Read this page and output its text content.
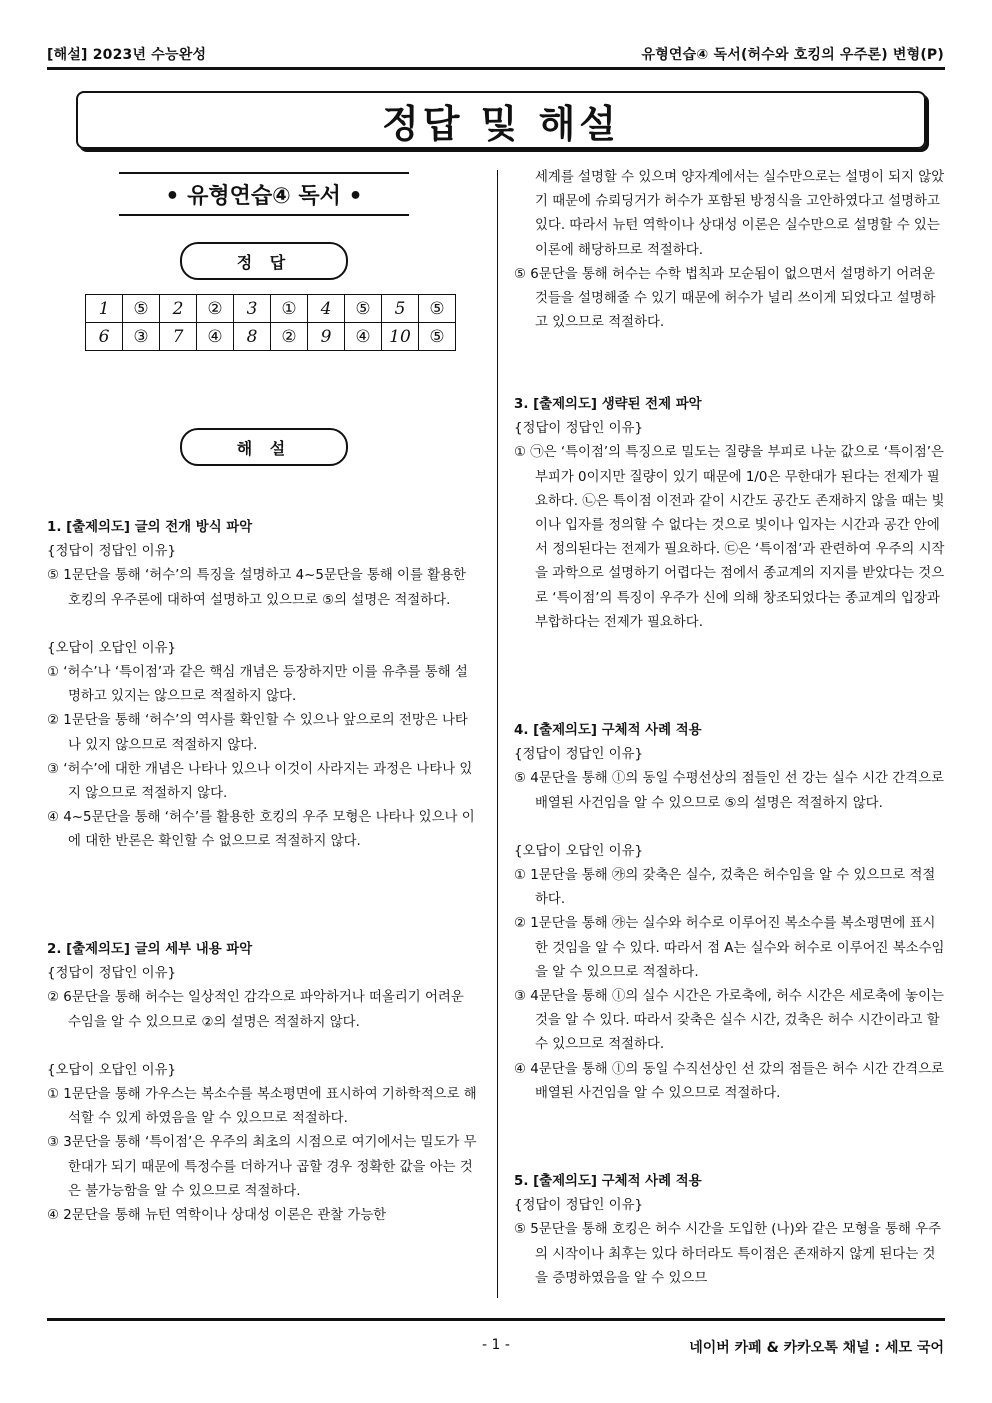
[해설] 2023년 수능완성	유형연습④ 독서(허수와 호킹의 우주론) 변형(P)
정답 및 해설
• 유형연습④ 독서 •
정 답
1	⑤	2	②	3	①	4	⑤	5	⑤
6	③	7	④	8	②	9	④	10	⑤
해 설

1. [출제의도] 글의 전개 방식 파악

{정답이 정답인 이유}

⑤ 1문단을 통해 ‘허수’의 특징을 설명하고 4~5문단을 통해 이를 활용한 호킹의 우주론에 대하여 설명하고 있으므로 ⑤의 설명은 적절하다.

{오답이 오답인 이유}

① ‘허수’나 ‘특이점’과 같은 핵심 개념은 등장하지만 이를 유추를 통해 설명하고 있지는 않으므로 적절하지 않다.

② 1문단을 통해 ‘허수’의 역사를 확인할 수 있으나 앞으로의 전망은 나타나 있지 않으므로 적절하지 않다.

③ ‘허수’에 대한 개념은 나타나 있으나 이것이 사라지는 과정은 나타나 있지 않으므로 적절하지 않다.

④ 4~5문단을 통해 ‘허수’를 활용한 호킹의 우주 모형은 나타나 있으나 이에 대한 반론은 확인할 수 없으므로 적절하지 않다.

2. [출제의도] 글의 세부 내용 파악

{정답이 정답인 이유}

② 6문단을 통해 허수는 일상적인 감각으로 파악하거나 떠올리기 어려운 수임을 알 수 있으므로 ②의 설명은 적절하지 않다.

{오답이 오답인 이유}

① 1문단을 통해 가우스는 복소수를 복소평면에 표시하여 기하학적으로 해석할 수 있게 하였음을 알 수 있으므로 적절하다.

③ 3문단을 통해 ‘특이점’은 우주의 최초의 시점으로 여기에서는 밀도가 무한대가 되기 때문에 특정수를 더하거나 곱할 경우 정확한 값을 아는 것은 불가능함을 알 수 있으므로 적절하다.

④ 2문단을 통해 뉴턴 역학이나 상대성 이론은 관찰 가능한

세계를 설명할 수 있으며 양자계에서는 실수만으로는 설명이 되지 않았기 때문에 슈뢰딩거가 허수가 포함된 방정식을 고안하였다고 설명하고 있다. 따라서 뉴턴 역학이나 상대성 이론은 실수만으로 설명할 수 있는 이론에 해당하므로 적절하다.

⑤ 6문단을 통해 허수는 수학 법칙과 모순됨이 없으면서 설명하기 어려운 것들을 설명해줄 수 있기 때문에 허수가 널리 쓰이게 되었다고 설명하고 있으므로 적절하다.

3. [출제의도] 생략된 전제 파악

{정답이 정답인 이유}

① ㉠은 ‘특이점’의 특징으로 밀도는 질량을 부피로 나눈 값으로 ‘특이점’은 부피가 0이지만 질량이 있기 때문에 1/0은 무한대가 된다는 전제가 필요하다. ㉡은 특이점 이전과 같이 시간도 공간도 존재하지 않을 때는 빛이나 입자를 정의할 수 없다는 것으로 빛이나 입자는 시간과 공간 안에서 정의된다는 전제가 필요하다. ㉢은 ‘특이점’과 관련하여 우주의 시작을 과학으로 설명하기 어렵다는 점에서 종교계의 지지를 받았다는 것으로 ‘특이점’의 특징이 우주가 신에 의해 창조되었다는 종교계의 입장과 부합하다는 전제가 필요하다.

4. [출제의도] 구체적 사례 적용

{정답이 정답인 이유}

⑤ 4문단을 통해 ⓛ의 동일 수평선상의 점들인 선 강는 실수 시간 간격으로 배열된 사건임을 알 수 있으므로 ⑤의 설명은 적절하지 않다.

{오답이 오답인 이유}

① 1문단을 통해 ㉮의 갗축은 실수, 겄축은 허수임을 알 수 있으므로 적절하다.

② 1문단을 통해 ㉮는 실수와 허수로 이루어진 복소수를 복소평면에 표시한 것임을 알 수 있다. 따라서 점 A는 실수와 허수로 이루어진 복소수임을 알 수 있으므로 적절하다.

③ 4문단을 통해 ⓛ의 실수 시간은 가로축에, 허수 시간은 세로축에 놓이는 것을 알 수 있다. 따라서 갗축은 실수 시간, 겄축은 허수 시간이라고 할 수 있으므로 적절하다.

④ 4문단을 통해 ⓛ의 동일 수직선상인 선 갔의 점들은 허수 시간 간격으로 배열된 사건임을 알 수 있으므로 적절하다.

5. [출제의도] 구체적 사례 적용

{정답이 정답인 이유}

⑤ 5문단을 통해 호킹은 허수 시간을 도입한 (나)와 같은 모형을 통해 우주의 시작이나 최후는 있다 하더라도 특이점은 존재하지 않게 된다는 것을 증명하였음을 알 수 있으므

- 1 -	네이버 카페 & 카카오톡 채널 : 세모 국어
